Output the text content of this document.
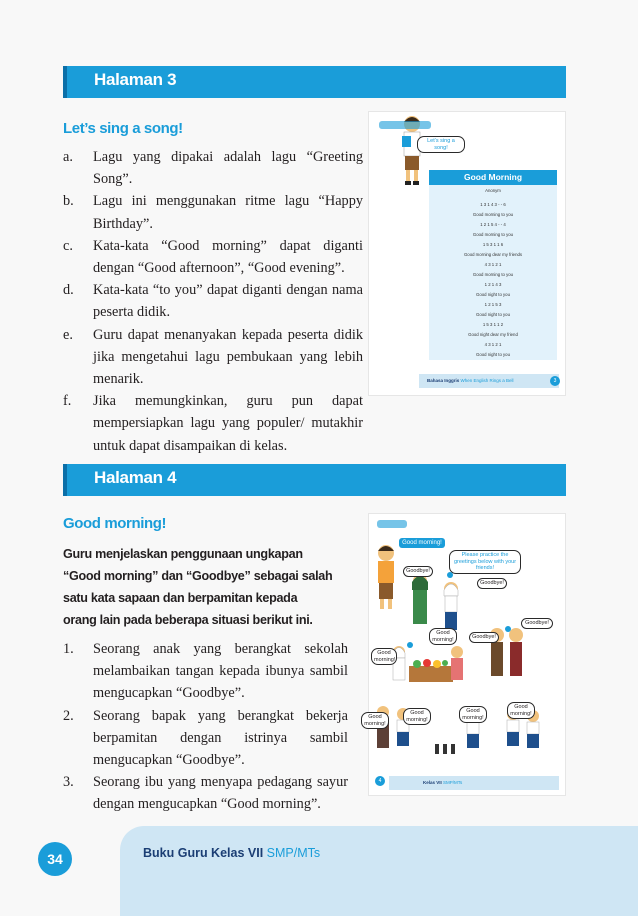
Halaman 3
Let’s sing a song!
a. Lagu yang dipakai adalah lagu “Greeting Song”.
b. Lagu ini menggunakan ritme lagu “Happy Birthday”.
c. Kata-kata “Good morning” dapat diganti dengan “Good afternoon”, “Good evening”.
d. Kata-kata “to you” dapat diganti dengan nama peserta didik.
e. Guru dapat menanyakan kepada peserta didik jika mengetahui lagu pembukaan yang lebih menarik.
f. Jika memungkinkan, guru pun dapat mempersiapkan lagu yang populer/ mutakhir untuk dapat disampaikan di kelas.
Let’s sing a song!
Good Morning
Anonym
1 3 1 4 3 - - 6
Good morning to you
1 2 1 5 4 - - 4
Good morning to you
1 5 3 1 1 6
Good morning dear my friends
4 3 1 2 1
Good morning to you
1 2 1 4 3
Good night to you
1 2 1 5 3
Good night to you
1 5 3 1 1 2
Good night dear my friend
4 3 1 2 1
Good night to you
Bahasa Inggris When English Rings a Bell	3
Halaman 4
Good morning!
Guru menjelaskan penggunaan ungkapan “Good morning” dan “Goodbye” sebagai salah satu kata sapaan dan berpamitan kepada orang lain pada beberapa situasi berikut ini.
1. Seorang anak yang berangkat sekolah melambaikan tangan kepada ibunya sambil mengucapkan “Goodbye”.
2. Seorang bapak yang berangkat bekerja berpamitan dengan istrinya sambil mengucapkan “Goodbye”.
3. Seorang ibu yang menyapa pedagang sayur dengan mengucapkan “Good morning”.
Good morning!
Please practice the greetings below with your friends!
Goodbye!
Goodbye!
Goodbye!
Goodbye!
Good morning!
Good morning!
Good morning!
Good morning!
Good morning!
Good morning!
4	Kelas VII SMP/MTs
Buku Guru Kelas VII SMP/MTs
34
